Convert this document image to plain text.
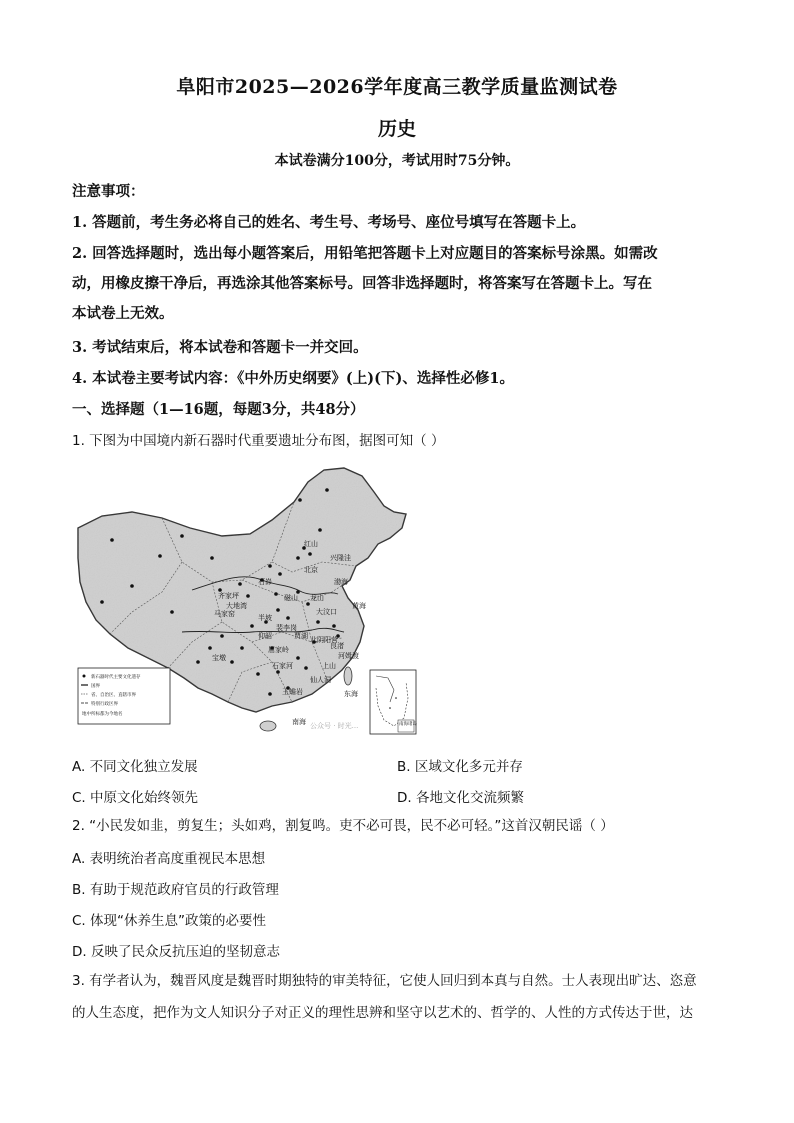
阜阳市2025—2026学年度高三教学质量监测试卷
历史
本试卷满分100分，考试用时75分钟。
注意事项：
1. 答题前，考生务必将自己的姓名、考生号、考场号、座位号填写在答题卡上。
2. 回答选择题时，选出每小题答案后，用铅笔把答题卡上对应题目的答案标号涂黑。如需改
动，用橡皮擦干净后，再选涂其他答案标号。回答非选择题时，将答案写在答题卡上。写在
本试卷上无效。
3. 考试结束后，将本试卷和答题卡一并交回。
4. 本试卷主要考试内容：《中外历史纲要》(上)(下)、选择性必修1。
一、选择题（1—16题，每题3分，共48分）
1. 下图为中国境内新石器时代重要遗址分布图，据图可知（ ）
红山
兴隆洼
北京
石峁
齐家坪
大地湾
马家窑	半坡
磁山
裴李岗
仰韶
龙山
大汶口
贾湖
宝墩
屈家岭
石家河
北阴阳营
良渚
河姆渡
上山
仙人洞
玉蟾岩
南海
东海
黄海
渤海
新石器时代主要文化遗存
国界
省、自治区、直辖市界
特别行政区界
地中所标都为今地名
南海诸岛
公众号 · 时光...
A. 不同文化独立发展	B. 区域文化多元并存
C. 中原文化始终领先	D. 各地文化交流频繁
2. “小民发如韭，剪复生；头如鸡，割复鸣。吏不必可畏，民不必可轻。”这首汉朝民谣（ ）
A. 表明统治者高度重视民本思想
B. 有助于规范政府官员的行政管理
C. 体现“休养生息”政策的必要性
D. 反映了民众反抗压迫的坚韧意志
3. 有学者认为，魏晋风度是魏晋时期独特的审美特征，它使人回归到本真与自然。士人表现出旷达、恣意
的人生态度，把作为文人知识分子对正义的理性思辨和坚守以艺术的、哲学的、人性的方式传达于世，达
